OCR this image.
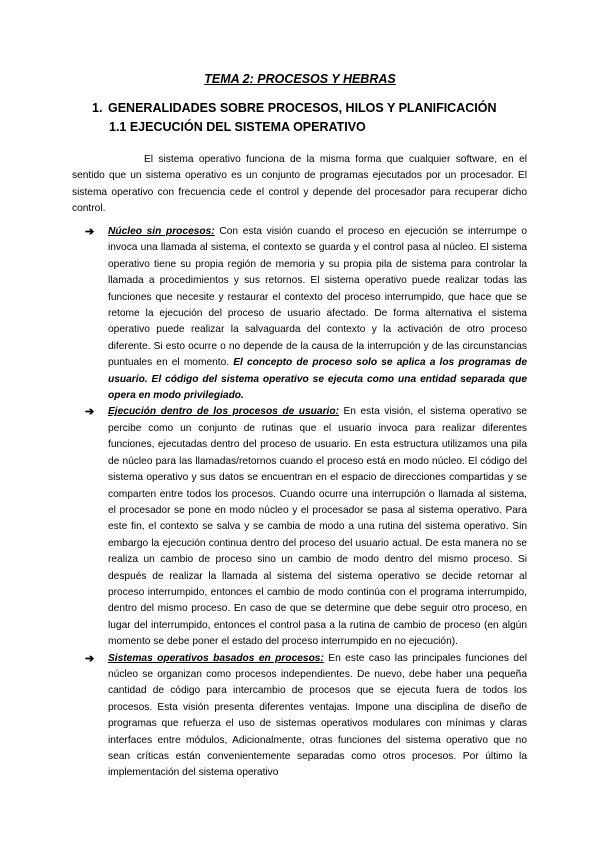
TEMA 2: PROCESOS Y HEBRAS
1. GENERALIDADES SOBRE PROCESOS, HILOS Y PLANIFICACIÓN
1.1 EJECUCIÓN DEL SISTEMA OPERATIVO

El sistema operativo funciona de la misma forma que cualquier software, en el sentido que un sistema operativo es un conjunto de programas ejecutados por un procesador. El sistema operativo con frecuencia cede el control y depende del procesador para recuperar dicho control.

➔ Núcleo sin procesos: Con esta visión cuando el proceso en ejecución se interrumpe o invoca una llamada al sistema, el contexto se guarda y el control pasa al núcleo. El sistema operativo tiene su propia región de memoria y su propia pila de sistema para controlar la llamada a procedimientos y sus retornos. El sistema operativo puede realizar todas las funciones que necesite y restaurar el contexto del proceso interrumpido, que hace que se retome la ejecución del proceso de usuario afectado. De forma alternativa el sistema operativo puede realizar la salvaguarda del contexto y la activación de otro proceso diferente. Si esto ocurre o no depende de la causa de la interrupción y de las circunstancias puntuales en el momento. El concepto de proceso solo se aplica a los programas de usuario. El código del sistema operativo se ejecuta como una entidad separada que opera en modo privilegiado.
➔ Ejecución dentro de los procesos de usuario: En esta visión, el sistema operativo se percibe como un conjunto de rutinas que el usuario invoca para realizar diferentes funciones, ejecutadas dentro del proceso de usuario. En esta estructura utilizamos una pila de núcleo para las llamadas/retornos cuando el proceso está en modo núcleo. El código del sistema operativo y sus datos se encuentran en el espacio de direcciones compartidas y se comparten entre todos los procesos. Cuando ocurre una interrupción o llamada al sistema, el procesador se pone en modo núcleo y el procesador se pasa al sistema operativo. Para este fin, el contexto se salva y se cambia de modo a una rutina del sistema operativo. Sin embargo la ejecución continua dentro del proceso del usuario actual. De esta manera no se realiza un cambio de proceso sino un cambio de modo dentro del mismo proceso. Si después de realizar la llamada al sistema del sistema operativo se decide retornar al proceso interrumpido, entonces el cambio de modo continúa con el programa interrumpido, dentro del mismo proceso. En caso de que se determine que debe seguir otro proceso, en lugar del interrumpido, entonces el control pasa a la rutina de cambio de proceso (en algún momento se debe poner el estado del proceso interrumpido en no ejecución).
➔ Sistemas operativos basados en procesos: En este caso las principales funciones del núcleo se organizan como procesos independientes. De nuevo, debe haber una pequeña cantidad de código para intercambio de procesos que se ejecuta fuera de todos los procesos. Esta visión presenta diferentes ventajas. Impone una disciplina de diseño de programas que refuerza el uso de sistemas operativos modulares con mínimas y claras interfaces entre módulos, Adicionalmente, otras funciones del sistema operativo que no sean críticas están convenientemente separadas como otros procesos. Por último la implementación del sistema operativo
